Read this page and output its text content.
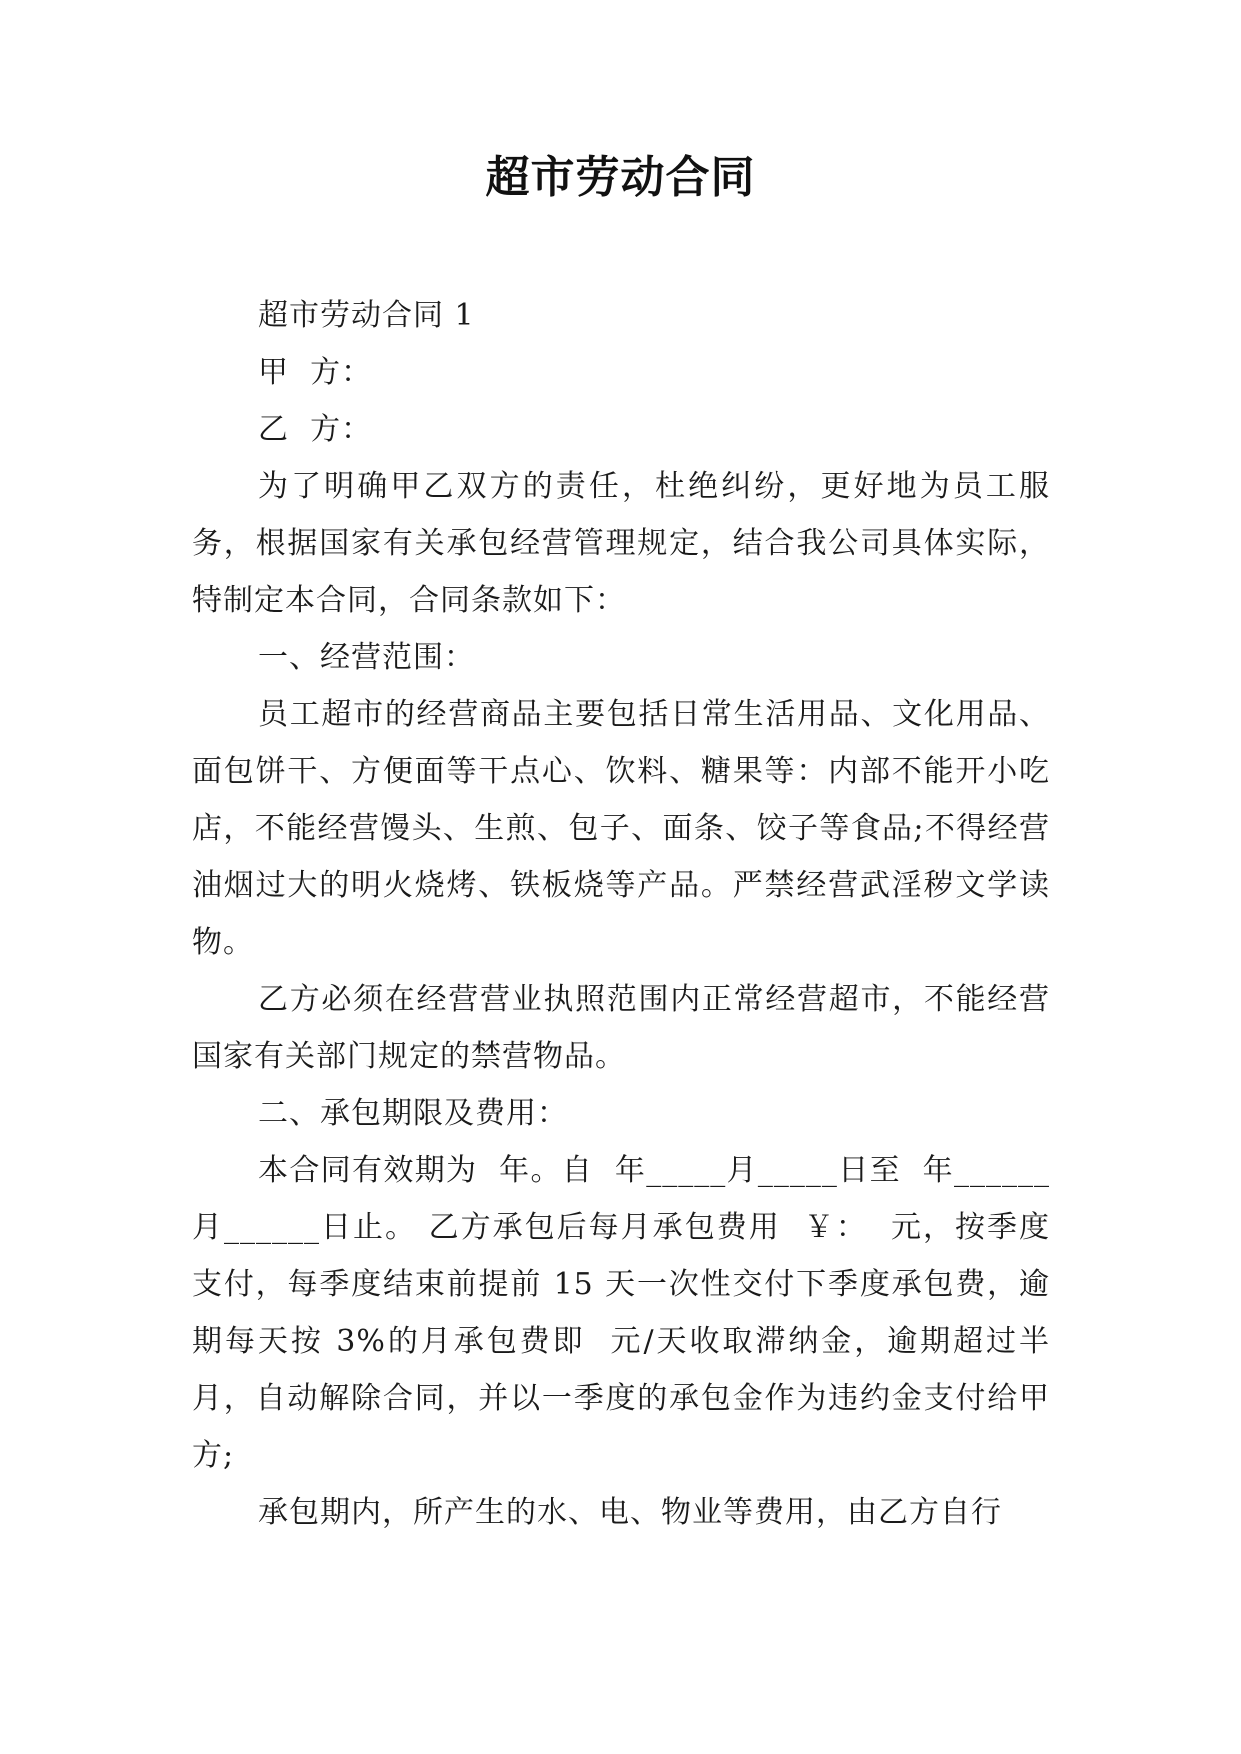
超市劳动合同

超市劳动合同 1

甲  方：

乙  方：

为了明确甲乙双方的责任，杜绝纠纷，更好地为员工服务，根据国家有关承包经营管理规定，结合我公司具体实际，特制定本合同，合同条款如下：

一、经营范围：

员工超市的经营商品主要包括日常生活用品、文化用品、面包饼干、方便面等干点心、饮料、糖果等：内部不能开小吃店，不能经营馒头、生煎、包子、面条、饺子等食品;不得经营油烟过大的明火烧烤、铁板烧等产品。严禁经营武淫秽文学读物。

乙方必须在经营营业执照范围内正常经营超市，不能经营国家有关部门规定的禁营物品。

二、承包期限及费用：

本合同有效期为  年。自  年_____月_____日至  年______月______日止。 乙方承包后每月承包费用  ￥：  元，按季度支付，每季度结束前提前 15 天一次性交付下季度承包费，逾期每天按 3%的月承包费即  元/天收取滞纳金，逾期超过半月，自动解除合同，并以一季度的承包金作为违约金支付给甲方;

承包期内，所产生的水、电、物业等费用，由乙方自行
